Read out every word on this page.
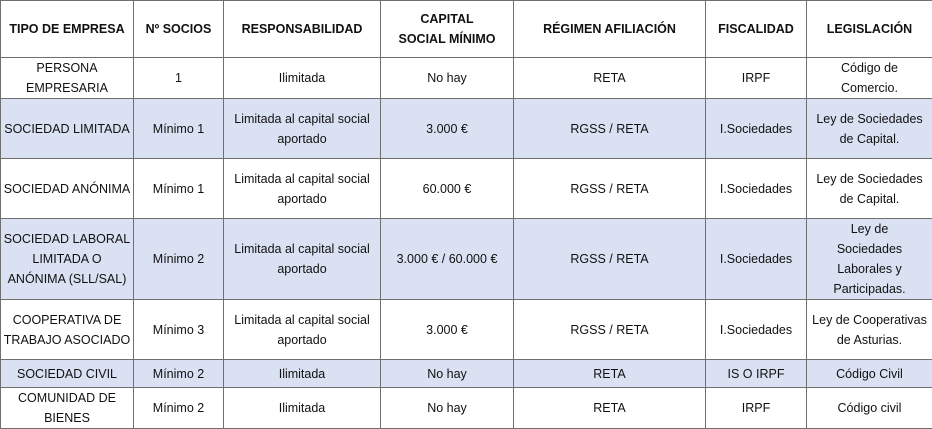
TIPO DE EMPRESA	Nº SOCIOS	RESPONSABILIDAD	CAPITAL SOCIAL MÍNIMO	RÉGIMEN AFILIACIÓN	FISCALIDAD	LEGISLACIÓN
PERSONA EMPRESARIA	1	Ilimitada	No hay	RETA	IRPF	Código de Comercio.
SOCIEDAD LIMITADA	Mínimo 1	Limitada al capital social aportado	3.000 €	RGSS / RETA	I.Sociedades	Ley de Sociedades de Capital.
SOCIEDAD ANÓNIMA	Mínimo 1	Limitada al capital social aportado	60.000 €	RGSS / RETA	I.Sociedades	Ley de Sociedades de Capital.
SOCIEDAD LABORAL LIMITADA O ANÓNIMA (SLL/SAL)	Mínimo 2	Limitada al capital social aportado	3.000 € / 60.000 €	RGSS / RETA	I.Sociedades	Ley de Sociedades Laborales y Participadas.
COOPERATIVA DE TRABAJO ASOCIADO	Mínimo 3	Limitada al capital social aportado	3.000 €	RGSS / RETA	I.Sociedades	Ley de Cooperativas de Asturias.
SOCIEDAD CIVIL	Mínimo 2	Ilimitada	No hay	RETA	IS O IRPF	Código Civil
COMUNIDAD DE BIENES	Mínimo 2	Ilimitada	No hay	RETA	IRPF	Código civil
